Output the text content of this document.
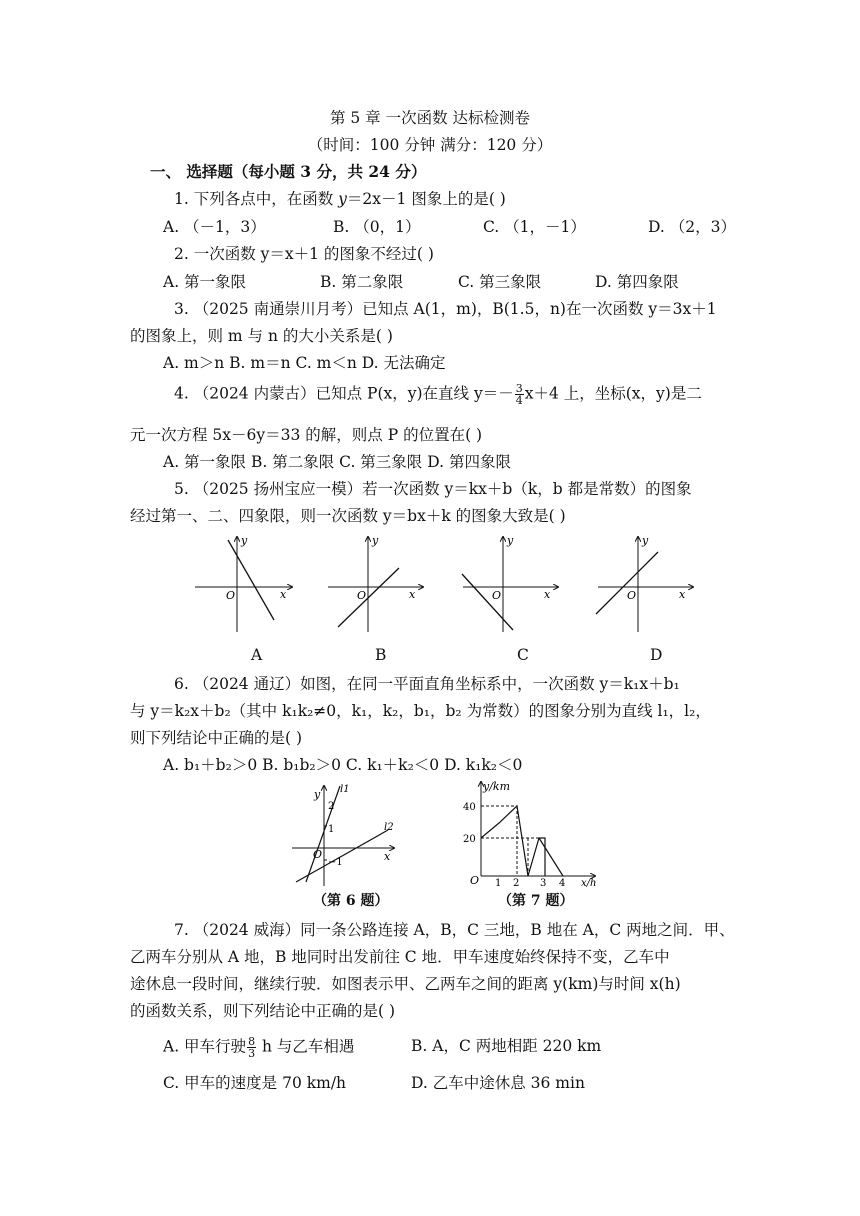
第 5 章 一次函数 达标检测卷
（时间：100 分钟 满分：120 分）
一、 选择题（每小题 3 分，共 24 分）
1. 下列各点中，在函数 y＝2x－1 图象上的是( )
A. （－1，3）	B. （0，1）	C. （1，－1）	D. （2，3）
2. 一次函数 y＝x＋1 的图象不经过( )
A. 第一象限	B. 第二象限	C. 第三象限	D. 第四象限
3. （2025 南通崇川月考）已知点 A(1，m)，B(1.5，n)在一次函数 y＝3x＋1
的图象上，则 m 与 n 的大小关系是( )
A. m＞n B. m＝n C. m＜n D. 无法确定
4. （2024 内蒙古）已知点 P(x，y)在直线 $y=- \frac{3}{4} x+4$ 上，坐标(x，y)是二
元一次方程 5x－6y＝33 的解，则点 P 的位置在( )
A. 第一象限 B. 第二象限 C. 第三象限 D. 第四象限
5. （2025 扬州宝应一模）若一次函数 y＝kx＋b（k，b 都是常数）的图象
经过第一、二、四象限，则一次函数 y＝bx＋k 的图象大致是( )
y
x
O
y
x
O
y
x
O
y
x
O
A	B	C	D
6. （2024 通辽）如图，在同一平面直角坐标系中，一次函数 y＝k₁x＋b₁
与 y＝k₂x＋b₂（其中 k₁k₂≠0，k₁，k₂，b₁，b₂ 为常数）的图象分别为直线 l₁，l₂，
则下列结论中正确的是( )
A. b₁＋b₂＞0 B. b₁b₂＞0 C. k₁＋k₂＜0 D. k₁k₂＜0
y
x
l1
l2
2
1
−1
O
（第 6 题）
y/km
x/h
40
20
O 1 2 3 4
（第 7 题）
7. （2024 威海）同一条公路连接 A，B，C 三地，B 地在 A，C 两地之间．甲、
乙两车分别从 A 地，B 地同时出发前往 C 地．甲车速度始终保持不变，乙车中
途休息一段时间，继续行驶．如图表示甲、乙两车之间的距离 y(km)与时间 x(h)
的函数关系，则下列结论中正确的是( )
A. 甲车行驶 $\frac{8}{3}$ h 与乙车相遇	B. A，C 两地相距 220 km
C. 甲车的速度是 70 km/h	D. 乙车中途休息 36 min
